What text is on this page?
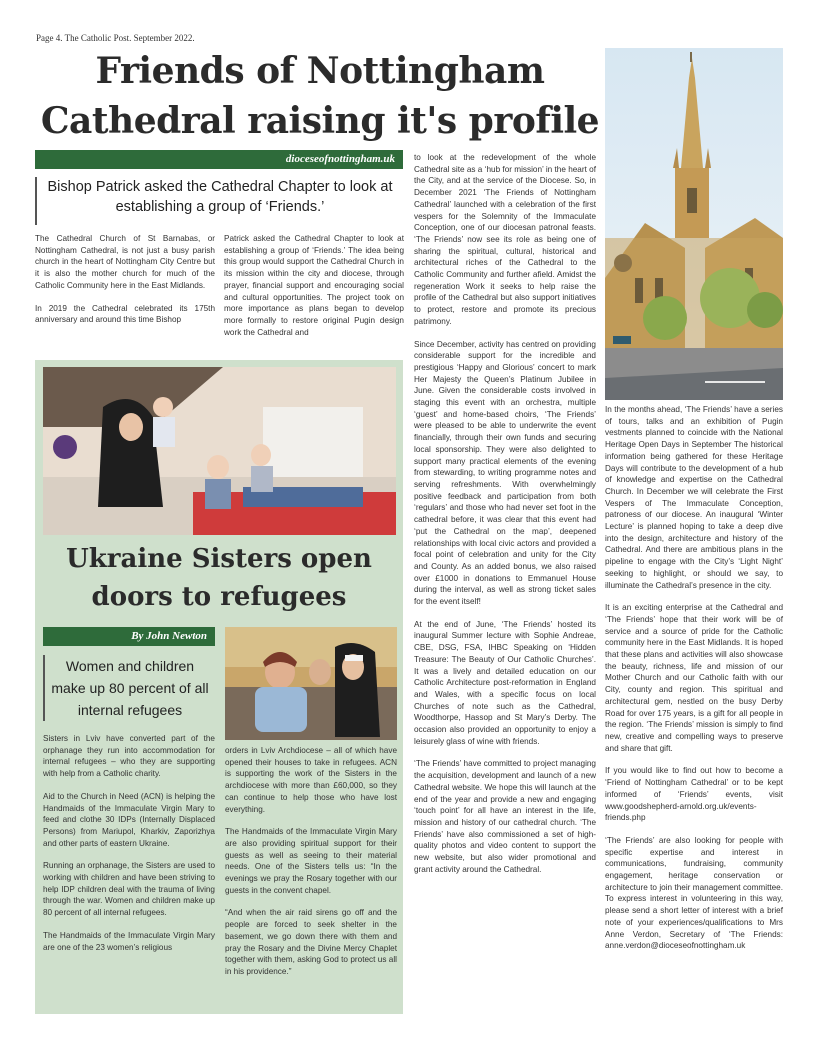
Page 4. The Catholic Post. September 2022.
Friends of Nottingham
Cathedral raising it's profile
dioceseofnottingham.uk
Bishop Patrick asked the Cathedral Chapter to look at establishing a group of ‘Friends.’

The Cathedral Church of St Barnabas, or Nottingham Cathedral, is not just a busy parish church in the heart of Nottingham City Centre but it is also the mother church for much of the Catholic Community here in the East Midlands.

In 2019 the Cathedral celebrated its 175th anniversary and around this time Bishop

Patrick asked the Cathedral Chapter to look at establishing a group of ‘Friends.’ The idea being this group would support the Cathedral Church in its mission within the city and diocese, through prayer, financial support and encouraging social and cultural opportunities. The project took on more importance as plans began to develop more formally to restore original Pugin design work the Cathedral and

to look at the redevelopment of the whole Cathedral site as a ‘hub for mission’ in the heart of the City, and at the service of the Diocese. So, in December 2021 ‘The Friends of Nottingham Cathedral’ launched with a celebration of the first vespers for the Solemnity of the Immaculate Conception, one of our diocesan patronal feasts. ‘The Friends’ now see its role as being one of sharing the spiritual, cultural, historical and architectural riches of the Cathedral to the Catholic Community and further afield. Amidst the regeneration Work it seeks to help raise the profile of the Cathedral but also support initiatives to protect, restore and promote its precious patrimony.

Since December, activity has centred on providing considerable support for the incredible and prestigious ‘Happy and Glorious’ concert to mark Her Majesty the Queen’s Platinum Jubilee in June. Given the considerable costs involved in staging this event with an orchestra, multiple ‘guest’ and home-based choirs, ‘The Friends’ were pleased to be able to underwrite the event financially, through their own funds and securing local sponsorship. They were also delighted to support many practical elements of the evening from stewarding, to writing programme notes and serving refreshments. With overwhelmingly positive feedback and participation from both ‘regulars’ and those who had never set foot in the cathedral before, it was clear that this event had ‘put the Cathedral on the map’, deepened relationships with local civic actors and provided a focal point of celebration and unity for the City and County. As an added bonus, we also raised over £1000 in donations to Emmanuel House during the interval, as well as strong ticket sales for the event itself!

At the end of June, ‘The Friends’ hosted its inaugural Summer lecture with Sophie Andreae, CBE, DSG, FSA, IHBC Speaking on ‘Hidden Treasure: The Beauty of Our Catholic Churches’. It was a lively and detailed education on our Catholic Architecture post-reformation in England and Wales, with a specific focus on local Churches of note such as the Cathedral, Woodthorpe, Hassop and St Mary’s Derby. The occasion also provided an opportunity to enjoy a leisurely glass of wine with friends.

‘The Friends’ have committed to project managing the acquisition, development and launch of a new Cathedral website. We hope this will launch at the end of the year and provide a new and engaging ‘touch point’ for all have an interest in the life, mission and history of our cathedral church. ‘The Friends’ have also commissioned a set of high-quality photos and video content to support the new website, but also wider promotional and grant activity around the Cathedral.

In the months ahead, ‘The Friends’ have a series of tours, talks and an exhibition of Pugin vestments planned to coincide with the National Heritage Open Days in September The historical information being gathered for these Heritage Days will contribute to the development of a hub of knowledge and expertise on the Cathedral Church. In December we will celebrate the First Vespers of The Immaculate Conception, patroness of our diocese. An inaugural ‘Winter Lecture’ is planned hoping to take a deep dive into the design, architecture and history of the Cathedral. And there are ambitious plans in the pipeline to engage with the City’s ‘Light Night’ seeking to highlight, or should we say, to illuminate the Cathedral’s presence in the city.

It is an exciting enterprise at the Cathedral and ‘The Friends’ hope that their work will be of service and a source of pride for the Catholic community here in the East Midlands. It is hoped that these plans and activities will also showcase the beauty, richness, life and mission of our Mother Church and our Catholic faith with our City, county and region. This spiritual and architectural gem, nestled on the busy Derby Road for over 175 years, is a gift for all people in the region. ‘The Friends’ mission is simply to find new, creative and compelling ways to preserve and share that gift.

If you would like to find out how to become a ‘Friend of Nottingham Cathedral’ or to be kept informed of ‘Friends’ events, visit www.goodshepherd-arnold.org.uk/events-friends.php

‘The Friends’ are also looking for people with specific expertise and interest in communications, fundraising, community engagement, heritage conservation or architecture to join their management committee. To express interest in volunteering in this way, please send a short letter of interest with a brief note of your experiences/qualifications to Mrs Anne Verdon, Secretary of ‘The Friends: anne.verdon@dioceseofnottingham.uk

Ukraine Sisters open
doors to refugees
By John Newton
Women and children make up 80 percent of all internal refugees

Sisters in Lviv have converted part of the orphanage they run into accommodation for internal refugees – who they are supporting with help from a Catholic charity.

Aid to the Church in Need (ACN) is helping the Handmaids of the Immaculate Virgin Mary to feed and clothe 30 IDPs (Internally Displaced Persons) from Mariupol, Kharkiv, Zaporizhya and other parts of eastern Ukraine.

Running an orphanage, the Sisters are used to working with children and have been striving to help IDP children deal with the trauma of living through the war. Women and children make up 80 percent of all internal refugees.

The Handmaids of the Immaculate Virgin Mary are one of the 23 women’s religious

orders in Lviv Archdiocese – all of which have opened their houses to take in refugees. ACN is supporting the work of the Sisters in the archdiocese with more than £60,000, so they can continue to help those who have lost everything.

The Handmaids of the Immaculate Virgin Mary are also providing spiritual support for their guests as well as seeing to their material needs. One of the Sisters tells us: “In the evenings we pray the Rosary together with our guests in the convent chapel.

“And when the air raid sirens go off and the people are forced to seek shelter in the basement, we go down there with them and pray the Rosary and the Divine Mercy Chaplet together with them, asking God to protect us all in his providence.”
